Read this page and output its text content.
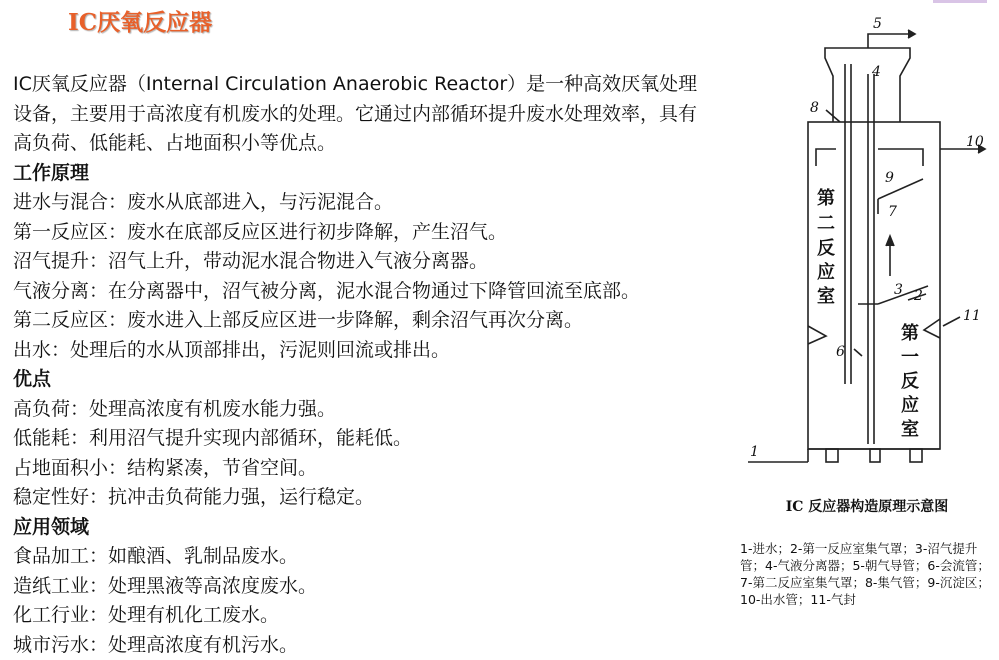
IC厌氧反应器

IC厌氧反应器（Internal Circulation Anaerobic Reactor）是一种高效厌氧处理设备，主要用于高浓度有机废水的处理。它通过内部循环提升废水处理效率，具有高负荷、低能耗、占地面积小等优点。

工作原理

进水与混合：废水从底部进入，与污泥混合。

第一反应区：废水在底部反应区进行初步降解，产生沼气。

沼气提升：沼气上升，带动泥水混合物进入气液分离器。

气液分离：在分离器中，沼气被分离，泥水混合物通过下降管回流至底部。

第二反应区：废水进入上部反应区进一步降解，剩余沼气再次分离。

出水：处理后的水从顶部排出，污泥则回流或排出。

优点

高负荷：处理高浓度有机废水能力强。

低能耗：利用沼气提升实现内部循环，能耗低。

占地面积小：结构紧凑，节省空间。

稳定性好：抗冲击负荷能力强，运行稳定。

应用领域

食品加工：如酿酒、乳制品废水。

造纸工业：处理黑液等高浓度废水。

化工行业：处理有机化工废水。

城市污水：处理高浓度有机污水。

第
二
反
应
室
第
一
反
应
室
1
2
3
4
5
6
7
8
9
10
11
IC 反应器构造原理示意图
1-进水；2-第一反应室集气罩；3-沼气提升管；4-气液分离器；5-朝气导管；6-会流管；7-第二反应室集气罩；8-集气管；9-沉淀区；10-出水管；11-气封
